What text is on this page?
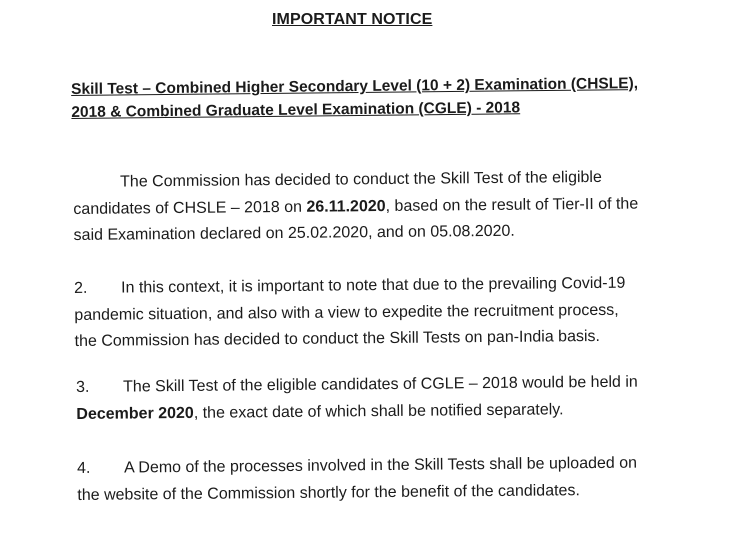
IMPORTANT NOTICE
Skill Test – Combined Higher Secondary Level (10 + 2) Examination (CHSLE),
2018 & Combined Graduate Level Examination (CGLE) - 2018
The Commission has decided to conduct the Skill Test of the eligible
candidates of CHSLE – 2018 on 26.11.2020, based on the result of Tier-II of the
said Examination declared on 25.02.2020, and on 05.08.2020.
2. In this context, it is important to note that due to the prevailing Covid-19
pandemic situation, and also with a view to expedite the recruitment process,
the Commission has decided to conduct the Skill Tests on pan-India basis.
3. The Skill Test of the eligible candidates of CGLE – 2018 would be held in
December 2020, the exact date of which shall be notified separately.
4. A Demo of the processes involved in the Skill Tests shall be uploaded on
the website of the Commission shortly for the benefit of the candidates.
